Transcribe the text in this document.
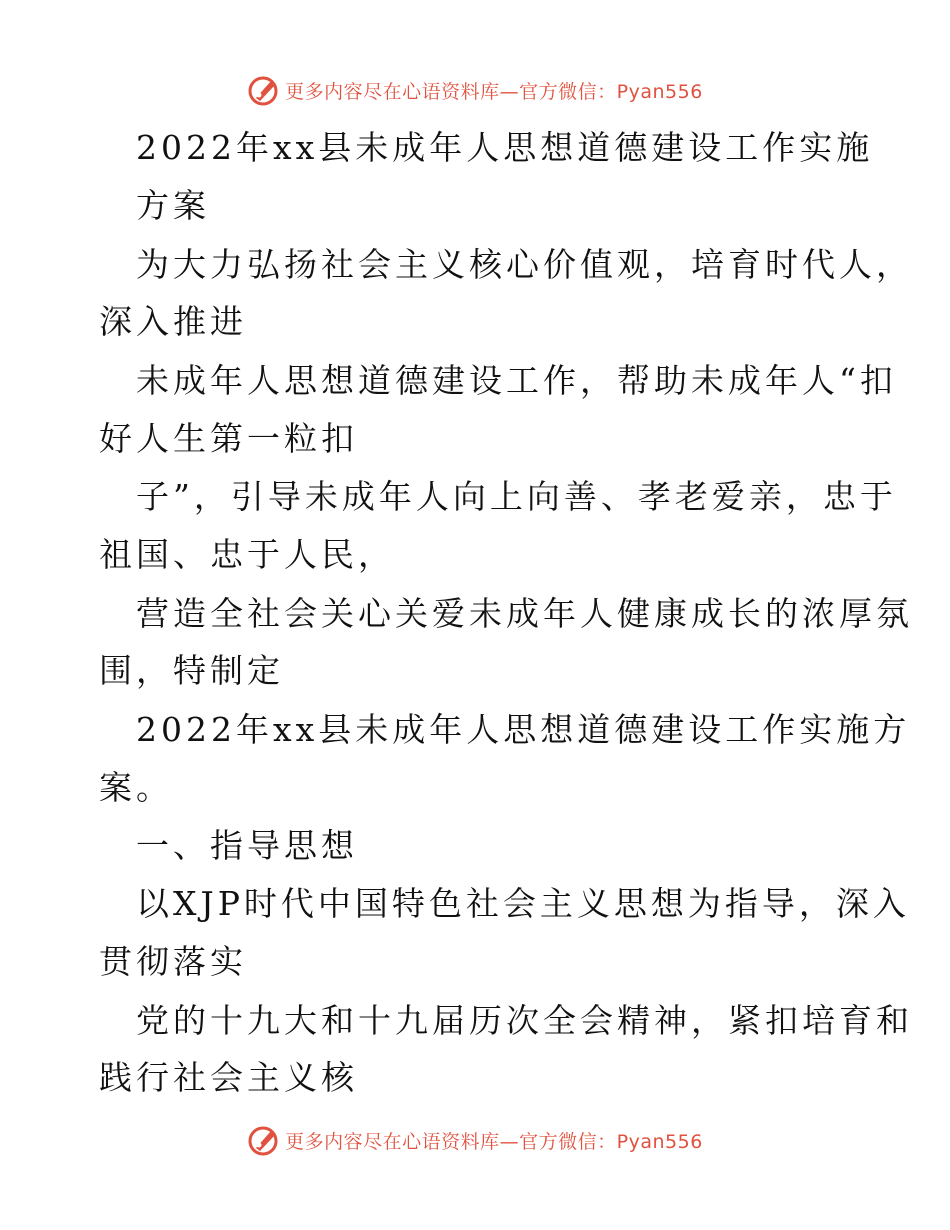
更多内容尽在心语资料库—官方微信：Pyan556
2022年xx县未成年人思想道德建设工作实施
方案
为大力弘扬社会主义核心价值观，培育时代人，
深入推进
未成年人思想道德建设工作，帮助未成年人“扣
好人生第一粒扣
子”，引导未成年人向上向善、孝老爱亲，忠于
祖国、忠于人民，
营造全社会关心关爱未成年人健康成长的浓厚氛
围，特制定
2022年xx县未成年人思想道德建设工作实施方
案。
一、指导思想
以XJP时代中国特色社会主义思想为指导，深入
贯彻落实
党的十九大和十九届历次全会精神，紧扣培育和
践行社会主义核
更多内容尽在心语资料库—官方微信：Pyan556
